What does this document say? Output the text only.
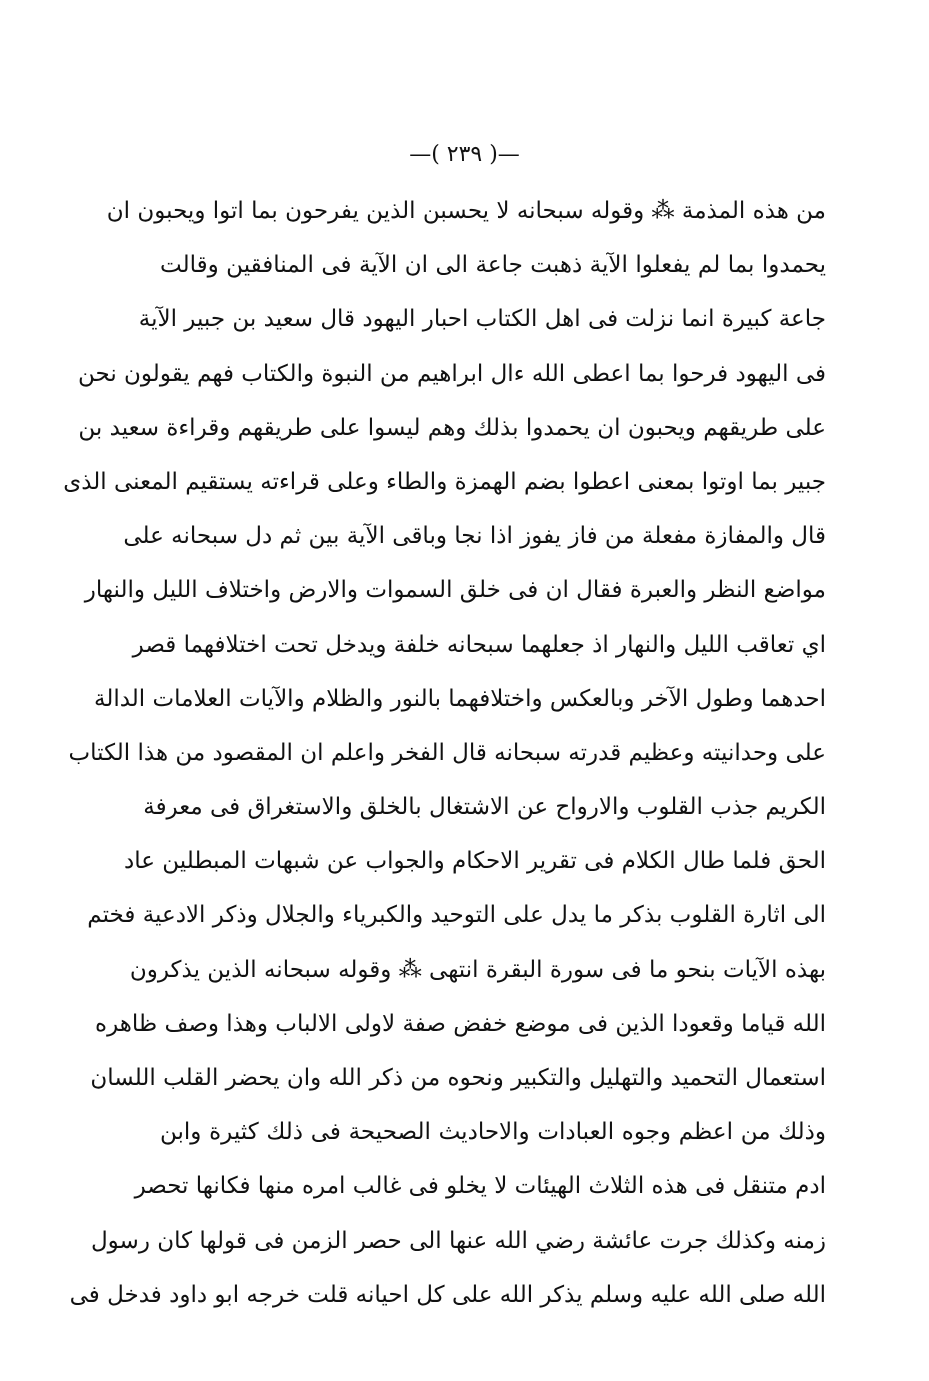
—( ٢٣٩ )—
من هذه المذمة ⁂ وقوله سبحانه لا يحسبن الذين يفرحون بما اتوا ويحبون ان
يحمدوا بما لم يفعلوا الآية ذهبت جاعة الى ان الآية فى المنافقين وقالت
جاعة كبيرة انما نزلت فى اهل الكتاب احبار اليهود قال سعيد بن جبير الآية
فى اليهود فرحوا بما اعطى الله ءال ابراهيم من النبوة والكتاب فهم يقولون نحن
على طريقهم ويحبون ان يحمدوا بذلك وهم ليسوا على طريقهم وقراءة سعيد بن
جبير بما اوتوا بمعنى اعطوا بضم الهمزة والطاء وعلى قراءته يستقيم المعنى الذى
قال والمفازة مفعلة من فاز يفوز اذا نجا وباقى الآية بين ثم دل سبحانه على
مواضع النظر والعبرة فقال ان فى خلق السموات والارض واختلاف الليل والنهار
اي تعاقب الليل والنهار اذ جعلهما سبحانه خلفة ويدخل تحت اختلافهما قصر
احدهما وطول الآخر وبالعكس واختلافهما بالنور والظلام والآيات العلامات الدالة
على وحدانيته وعظيم قدرته سبحانه قال الفخر واعلم ان المقصود من هذا الكتاب
الكريم جذب القلوب والارواح عن الاشتغال بالخلق والاستغراق فى معرفة
الحق فلما طال الكلام فى تقرير الاحكام والجواب عن شبهات المبطلين عاد
الى اثارة القلوب بذكر ما يدل على التوحيد والكبرياء والجلال وذكر الادعية فختم
بهذه الآيات بنحو ما فى سورة البقرة انتهى ⁂ وقوله سبحانه الذين يذكرون
الله قياما وقعودا الذين فى موضع خفض صفة لاولى الالباب وهذا وصف ظاهره
استعمال التحميد والتهليل والتكبير ونحوه من ذكر الله وان يحضر القلب اللسان
وذلك من اعظم وجوه العبادات والاحاديث الصحيحة فى ذلك كثيرة وابن
ادم متنقل فى هذه الثلاث الهيئات لا يخلو فى غالب امره منها فكانها تحصر
زمنه وكذلك جرت عائشة رضي الله عنها الى حصر الزمن فى قولها كان رسول
الله صلى الله عليه وسلم يذكر الله على كل احيانه قلت خرجه ابو داود فدخل فى
